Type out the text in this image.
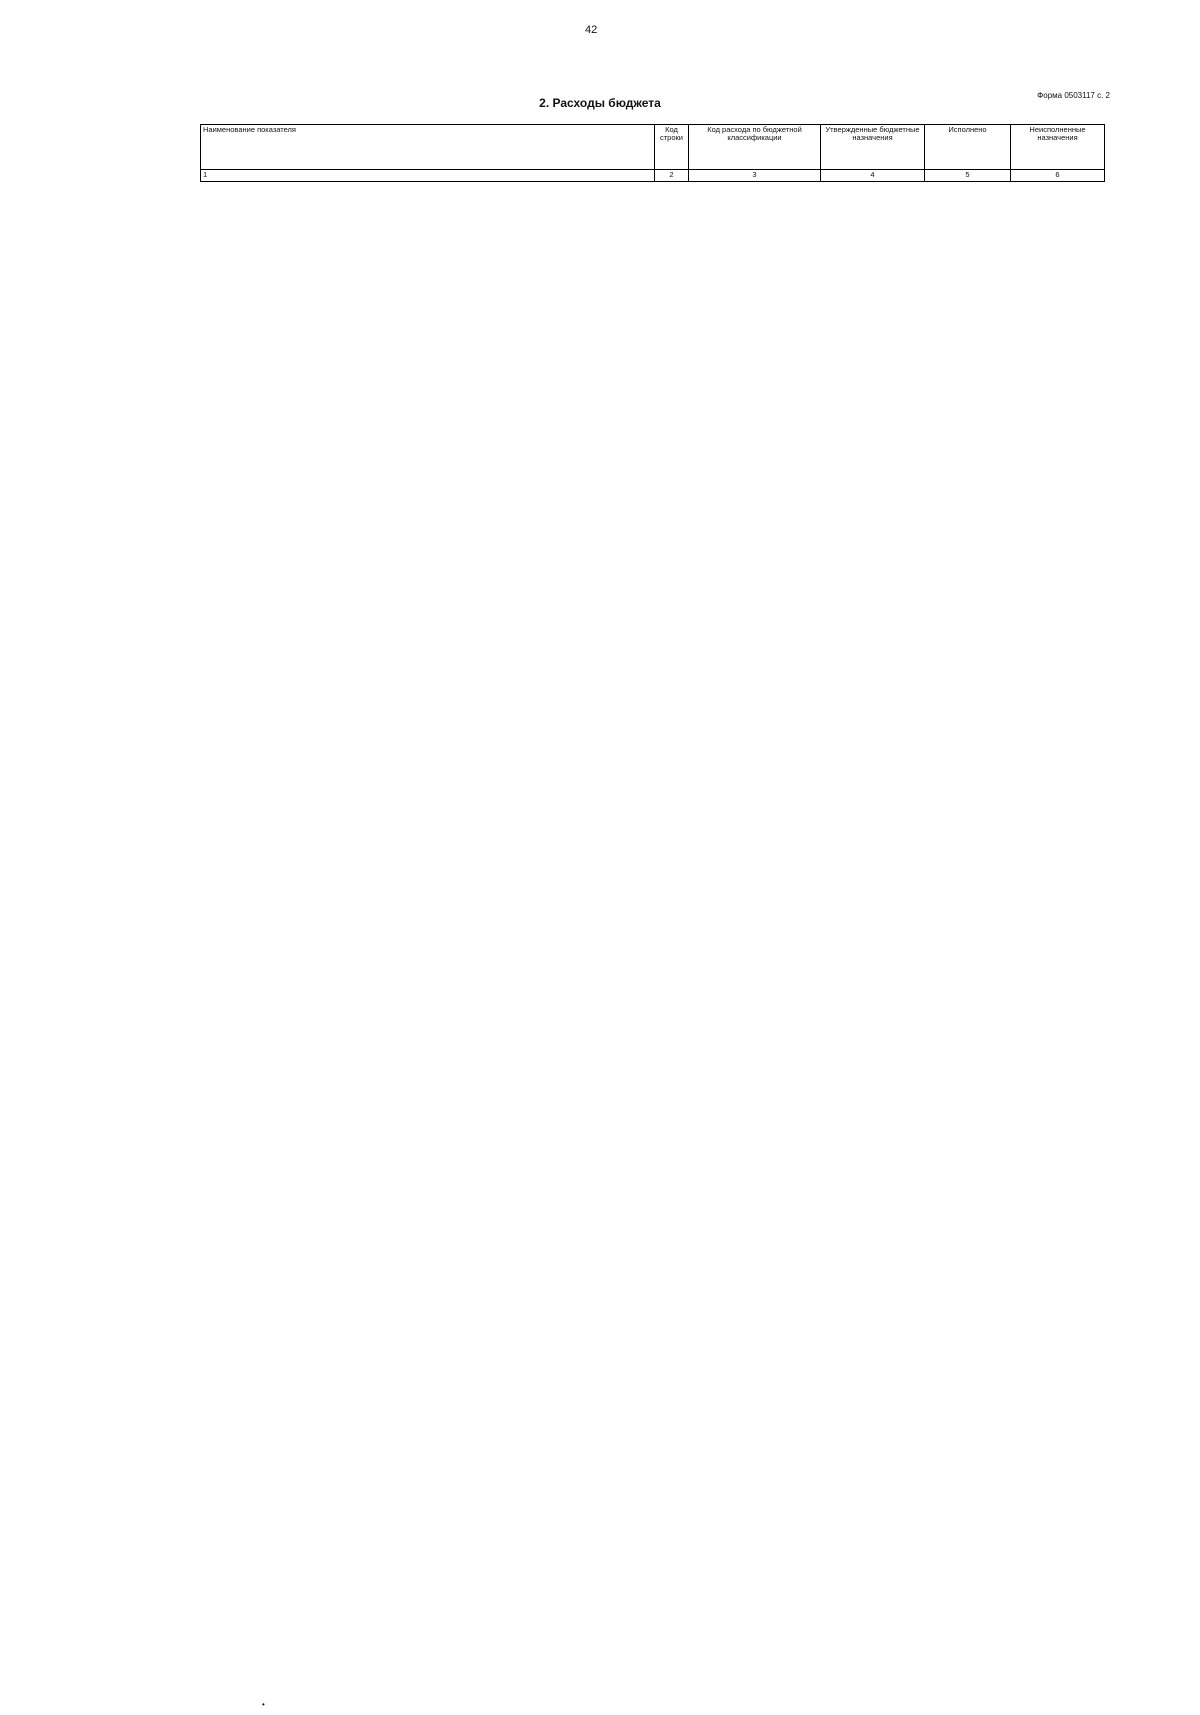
42
Форма 0503117 с. 2
2. Расходы бюджета
Наименование показателя	Код строки	Код расхода по бюджетной классификации	Утвержденные бюджетные назначения	Исполнено	Неисполненные назначения
1	2	3	4	5	6
•
